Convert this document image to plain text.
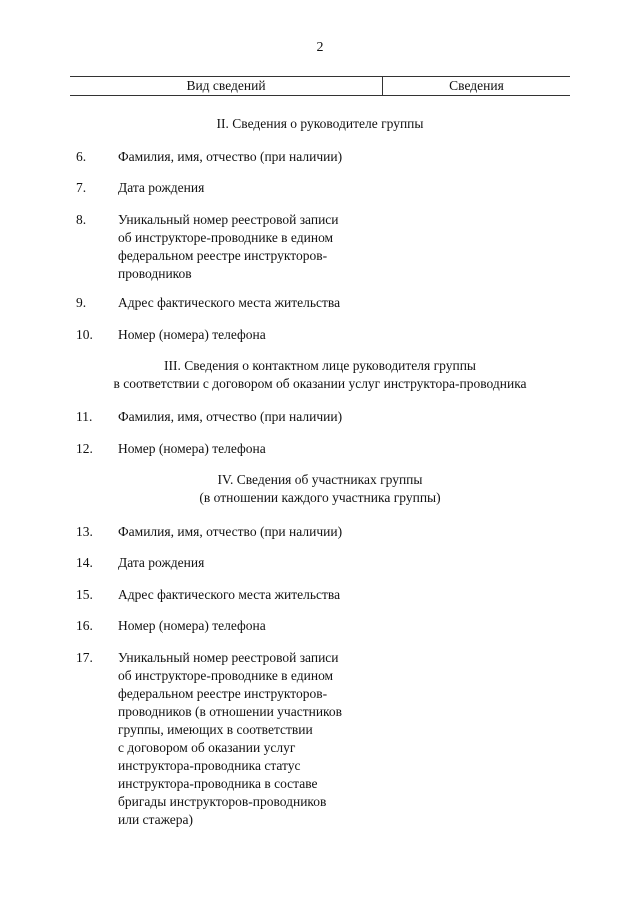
2
Вид сведений	Сведения
II. Сведения о руководителе группы
6.	Фамилия, имя, отчество (при наличии)
7.	Дата рождения
8.	Уникальный номер реестровой записи
об инструкторе-проводнике в едином
федеральном реестре инструкторов-
проводников
9.	Адрес фактического места жительства
10.	Номер (номера) телефона
III. Сведения о контактном лице руководителя группы
в соответствии с договором об оказании услуг инструктора-проводника
11.	Фамилия, имя, отчество (при наличии)
12.	Номер (номера) телефона
IV. Сведения об участниках группы
(в отношении каждого участника группы)
13.	Фамилия, имя, отчество (при наличии)
14.	Дата рождения
15.	Адрес фактического места жительства
16.	Номер (номера) телефона
17.	Уникальный номер реестровой записи
об инструкторе-проводнике в едином
федеральном реестре инструкторов-
проводников (в отношении участников
группы, имеющих в соответствии
с договором об оказании услуг
инструктора-проводника статус
инструктора-проводника в составе
бригады инструкторов-проводников
или стажера)
